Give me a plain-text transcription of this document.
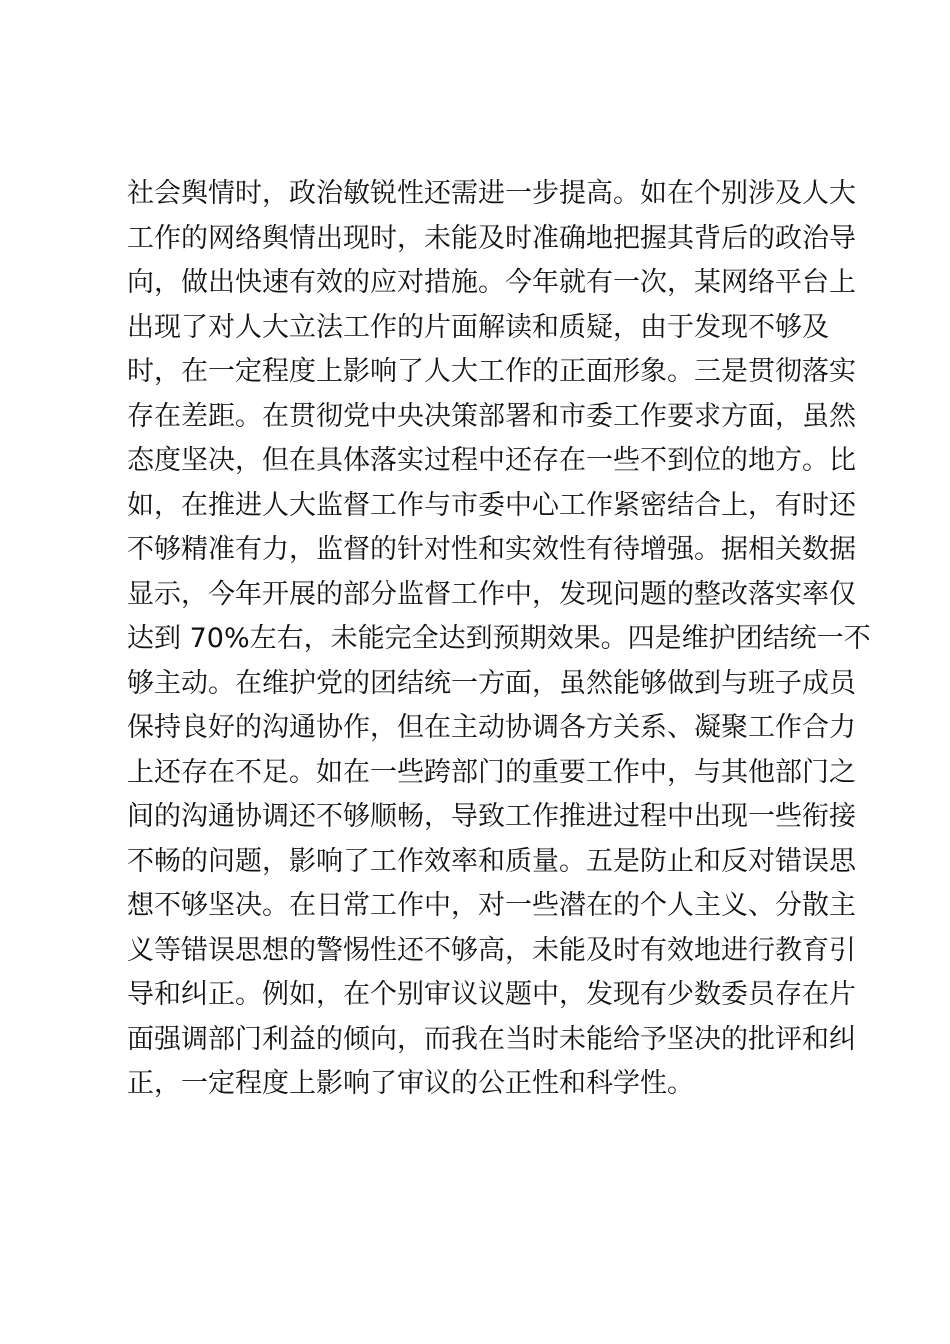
社会舆情时，政治敏锐性还需进一步提高。如在个别涉及人大
工作的网络舆情出现时，未能及时准确地把握其背后的政治导
向，做出快速有效的应对措施。今年就有一次，某网络平台上
出现了对人大立法工作的片面解读和质疑，由于发现不够及
时，在一定程度上影响了人大工作的正面形象。三是贯彻落实
存在差距。在贯彻党中央决策部署和市委工作要求方面，虽然
态度坚决，但在具体落实过程中还存在一些不到位的地方。比
如，在推进人大监督工作与市委中心工作紧密结合上，有时还
不够精准有力，监督的针对性和实效性有待增强。据相关数据
显示，今年开展的部分监督工作中，发现问题的整改落实率仅
达到 70%左右，未能完全达到预期效果。四是维护团结统一不
够主动。在维护党的团结统一方面，虽然能够做到与班子成员
保持良好的沟通协作，但在主动协调各方关系、凝聚工作合力
上还存在不足。如在一些跨部门的重要工作中，与其他部门之
间的沟通协调还不够顺畅，导致工作推进过程中出现一些衔接
不畅的问题，影响了工作效率和质量。五是防止和反对错误思
想不够坚决。在日常工作中，对一些潜在的个人主义、分散主
义等错误思想的警惕性还不够高，未能及时有效地进行教育引
导和纠正。例如，在个别审议议题中，发现有少数委员存在片
面强调部门利益的倾向，而我在当时未能给予坚决的批评和纠
正，一定程度上影响了审议的公正性和科学性。
